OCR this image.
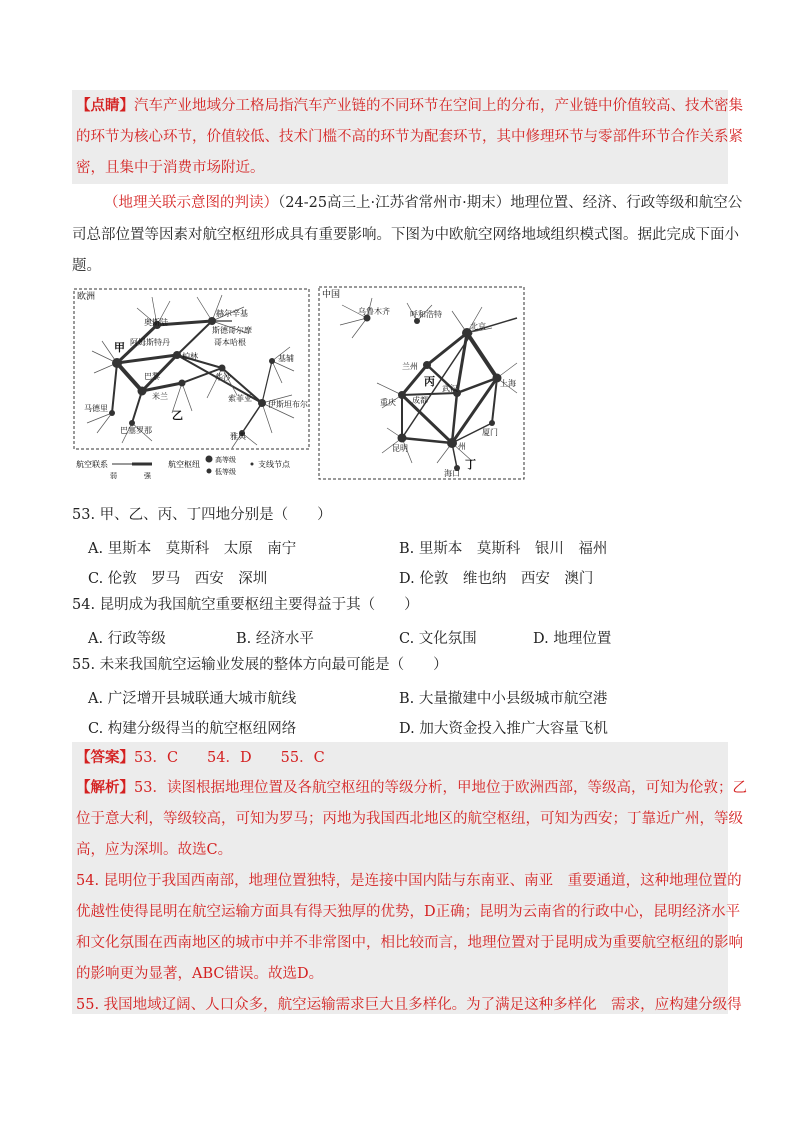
【点睛】汽车产业地域分工格局指汽车产业链的不同环节在空间上的分布，产业链中价值较高、技术密集
的环节为核心环节，价值较低、技术门槛不高的环节为配套环节，其中修理环节与零部件环节合作关系紧
密，且集中于消费市场附近。
（地理关联示意图的判读）（24-25高三上·江苏省常州市·期末）地理位置、经济、行政等级和航空公
司总部位置等因素对航空枢纽形成具有重要影响。下图为中欧航空网络地域组织模式图。据此完成下面小
题。
欧洲
甲
乙
奥斯陆
赫尔辛基
斯德哥尔摩
哥本哈根
阿姆斯特丹
柏林
巴黎	华沙
基辅
米兰
马德里
巴塞罗那
索菲亚
伊斯坦布尔
雅典
中国
乌鲁木齐	呼和浩特
北京
兰州
丙
武汉
上海
重庆 成都
昆明
厦门
州
海口
丁
航空联系
弱	强
航空枢纽 高等级
低等级
支线节点
53. 甲、乙、丙、丁四地分别是（　　）
A. 里斯本　莫斯科　太原　南宁	B. 里斯本　莫斯科　银川　福州
C. 伦敦　罗马　西安　深圳	D. 伦敦　维也纳　西安　澳门
54. 昆明成为我国航空重要枢纽主要得益于其（　　）
A. 行政等级	B. 经济水平	C. 文化氛围	D. 地理位置
55. 未来我国航空运输业发展的整体方向最可能是（　　）
A. 广泛增开县城联通大城市航线	B. 大量撤建中小县级城市航空港
C. 构建分级得当的航空枢纽网络	D. 加大资金投入推广大容量飞机
【答案】53．C　　54．D　　55．C
【解析】53．读图根据地理位置及各航空枢纽的等级分析，甲地位于欧洲西部，等级高，可知为伦敦；乙
位于意大利，等级较高，可知为罗马；丙地为我国西北地区的航空枢纽，可知为西安；丁靠近广州，等级
高，应为深圳。故选C。
54. 昆明位于我国西南部，地理位置独特，是连接中国内陆与东南亚、南亚　重要通道，这种地理位置的
优越性使得昆明在航空运输方面具有得天独厚的优势，D正确；昆明为云南省的行政中心，昆明经济水平
和文化氛围在西南地区的城市中并不非常图中，相比较而言，地理位置对于昆明成为重要航空枢纽的影响
的影响更为显著，ABC错误。故选D。
55. 我国地域辽阔、人口众多，航空运输需求巨大且多样化。为了满足这种多样化　需求，应构建分级得
